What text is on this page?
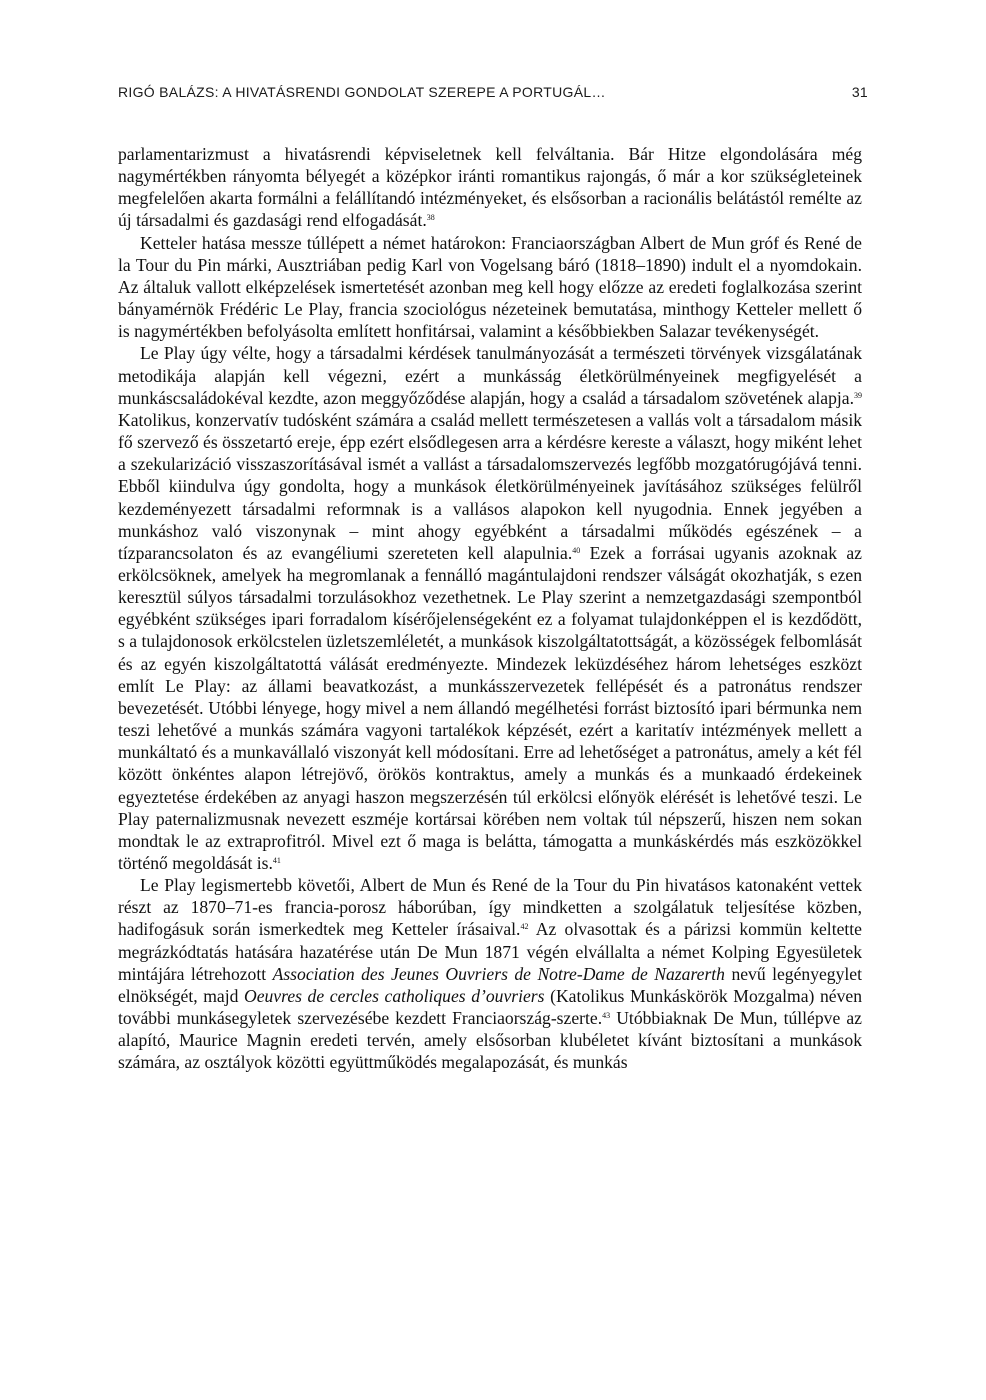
RIGÓ BALÁZS: A HIVATÁSRENDI GONDOLAT SZEREPE A PORTUGÁL…	31

parlamentarizmust a hivatásrendi képviseletnek kell felváltania. Bár Hitze elgondolására még nagymértékben rányomta bélyegét a középkor iránti romantikus rajongás, ő már a kor szükségleteinek megfelelően akarta formálni a felállítandó intézményeket, és elsősorban a racionális belátástól remélte az új társadalmi és gazdasági rend elfogadását.$^{38}$

Ketteler hatása messze túllépett a német határokon: Franciaországban Albert de Mun gróf és René de la Tour du Pin márki, Ausztriában pedig Karl von Vogelsang báró (1818–1890) indult el a nyomdokain. Az általuk vallott elképzelések ismertetését azonban meg kell hogy előzze az eredeti foglalkozása szerint bányamérnök Frédéric Le Play, francia szociológus nézeteinek bemutatása, minthogy Ketteler mellett ő is nagymértékben befolyásolta említett honfitársai, valamint a későbbiekben Salazar tevékenységét.

Le Play úgy vélte, hogy a társadalmi kérdések tanulmányozását a természeti törvények vizsgálatának metodikája alapján kell végezni, ezért a munkásság életkörülményeinek megfigyelését a munkáscsaládokéval kezdte, azon meggyőződése alapján, hogy a család a társadalom szövetének alapja.$^{39}$ Katolikus, konzervatív tudósként számára a család mellett természetesen a vallás volt a társadalom másik fő szervező és összetartó ereje, épp ezért elsődlegesen arra a kérdésre kereste a választ, hogy miként lehet a szekularizáció visszaszorításával ismét a vallást a társadalomszervezés legfőbb mozgatórugójává tenni. Ebből kiindulva úgy gondolta, hogy a munkások életkörülményeinek javításához szükséges felülről kezdeményezett társadalmi reformnak is a vallásos alapokon kell nyugodnia. Ennek jegyében a munkáshoz való viszonynak – mint ahogy egyébként a társadalmi működés egészének – a tízparancsolaton és az evangéliumi szereteten kell alapulnia.$^{40}$ Ezek a forrásai ugyanis azoknak az erkölcsöknek, amelyek ha megromlanak a fennálló magántulajdoni rendszer válságát okozhatják, s ezen keresztül súlyos társadalmi torzulásokhoz vezethetnek. Le Play szerint a nemzetgazdasági szempontból egyébként szükséges ipari forradalom kísérőjelenségeként ez a folyamat tulajdonképpen el is kezdődött, s a tulajdonosok erkölcstelen üzletszemléletét, a munkások kiszolgáltatottságát, a közösségek felbomlását és az egyén kiszolgáltatottá válását eredményezte. Mindezek leküzdéséhez három lehetséges eszközt említ Le Play: az állami beavatkozást, a munkásszervezetek fellépését és a patronátus rendszer bevezetését. Utóbbi lényege, hogy mivel a nem állandó megélhetési forrást biztosító ipari bérmunka nem teszi lehetővé a munkás számára vagyoni tartalékok képzését, ezért a karitatív intézmények mellett a munkáltató és a munkavállaló viszonyát kell módosítani. Erre ad lehetőséget a patronátus, amely a két fél között önkéntes alapon létrejövő, örökös kontraktus, amely a munkás és a munkaadó érdekeinek egyeztetése érdekében az anyagi haszon megszerzésén túl erkölcsi előnyök elérését is lehetővé teszi. Le Play paternalizmusnak nevezett eszméje kortársai körében nem voltak túl népszerű, hiszen nem sokan mondtak le az extraprofitról. Mivel ezt ő maga is belátta, támogatta a munkáskérdés más eszközökkel történő megoldását is.$^{41}$

Le Play legismertebb követői, Albert de Mun és René de la Tour du Pin hivatásos katonaként vettek részt az 1870–71-es francia-porosz háborúban, így mindketten a szolgálatuk teljesítése közben, hadifogásuk során ismerkedtek meg Ketteler írásaival.$^{42}$ Az olvasottak és a párizsi kommün keltette megrázkódtatás hatására hazatérése után De Mun 1871 végén elvállalta a német Kolping Egyesületek mintájára létrehozott Association des Jeunes Ouvriers de Notre-Dame de Nazarerth nevű legényegylet elnökségét, majd Oeuvres de cercles catholiques d’ouvriers (Katolikus Munkáskörök Mozgalma) néven további munkásegyletek szervezésébe kezdett Franciaország-szerte.$^{43}$ Utóbbiaknak De Mun, túllépve az alapító, Maurice Magnin eredeti tervén, amely elsősorban klubéletet kívánt biztosítani a munkások számára, az osztályok közötti együttműködés megalapozását, és munkás
